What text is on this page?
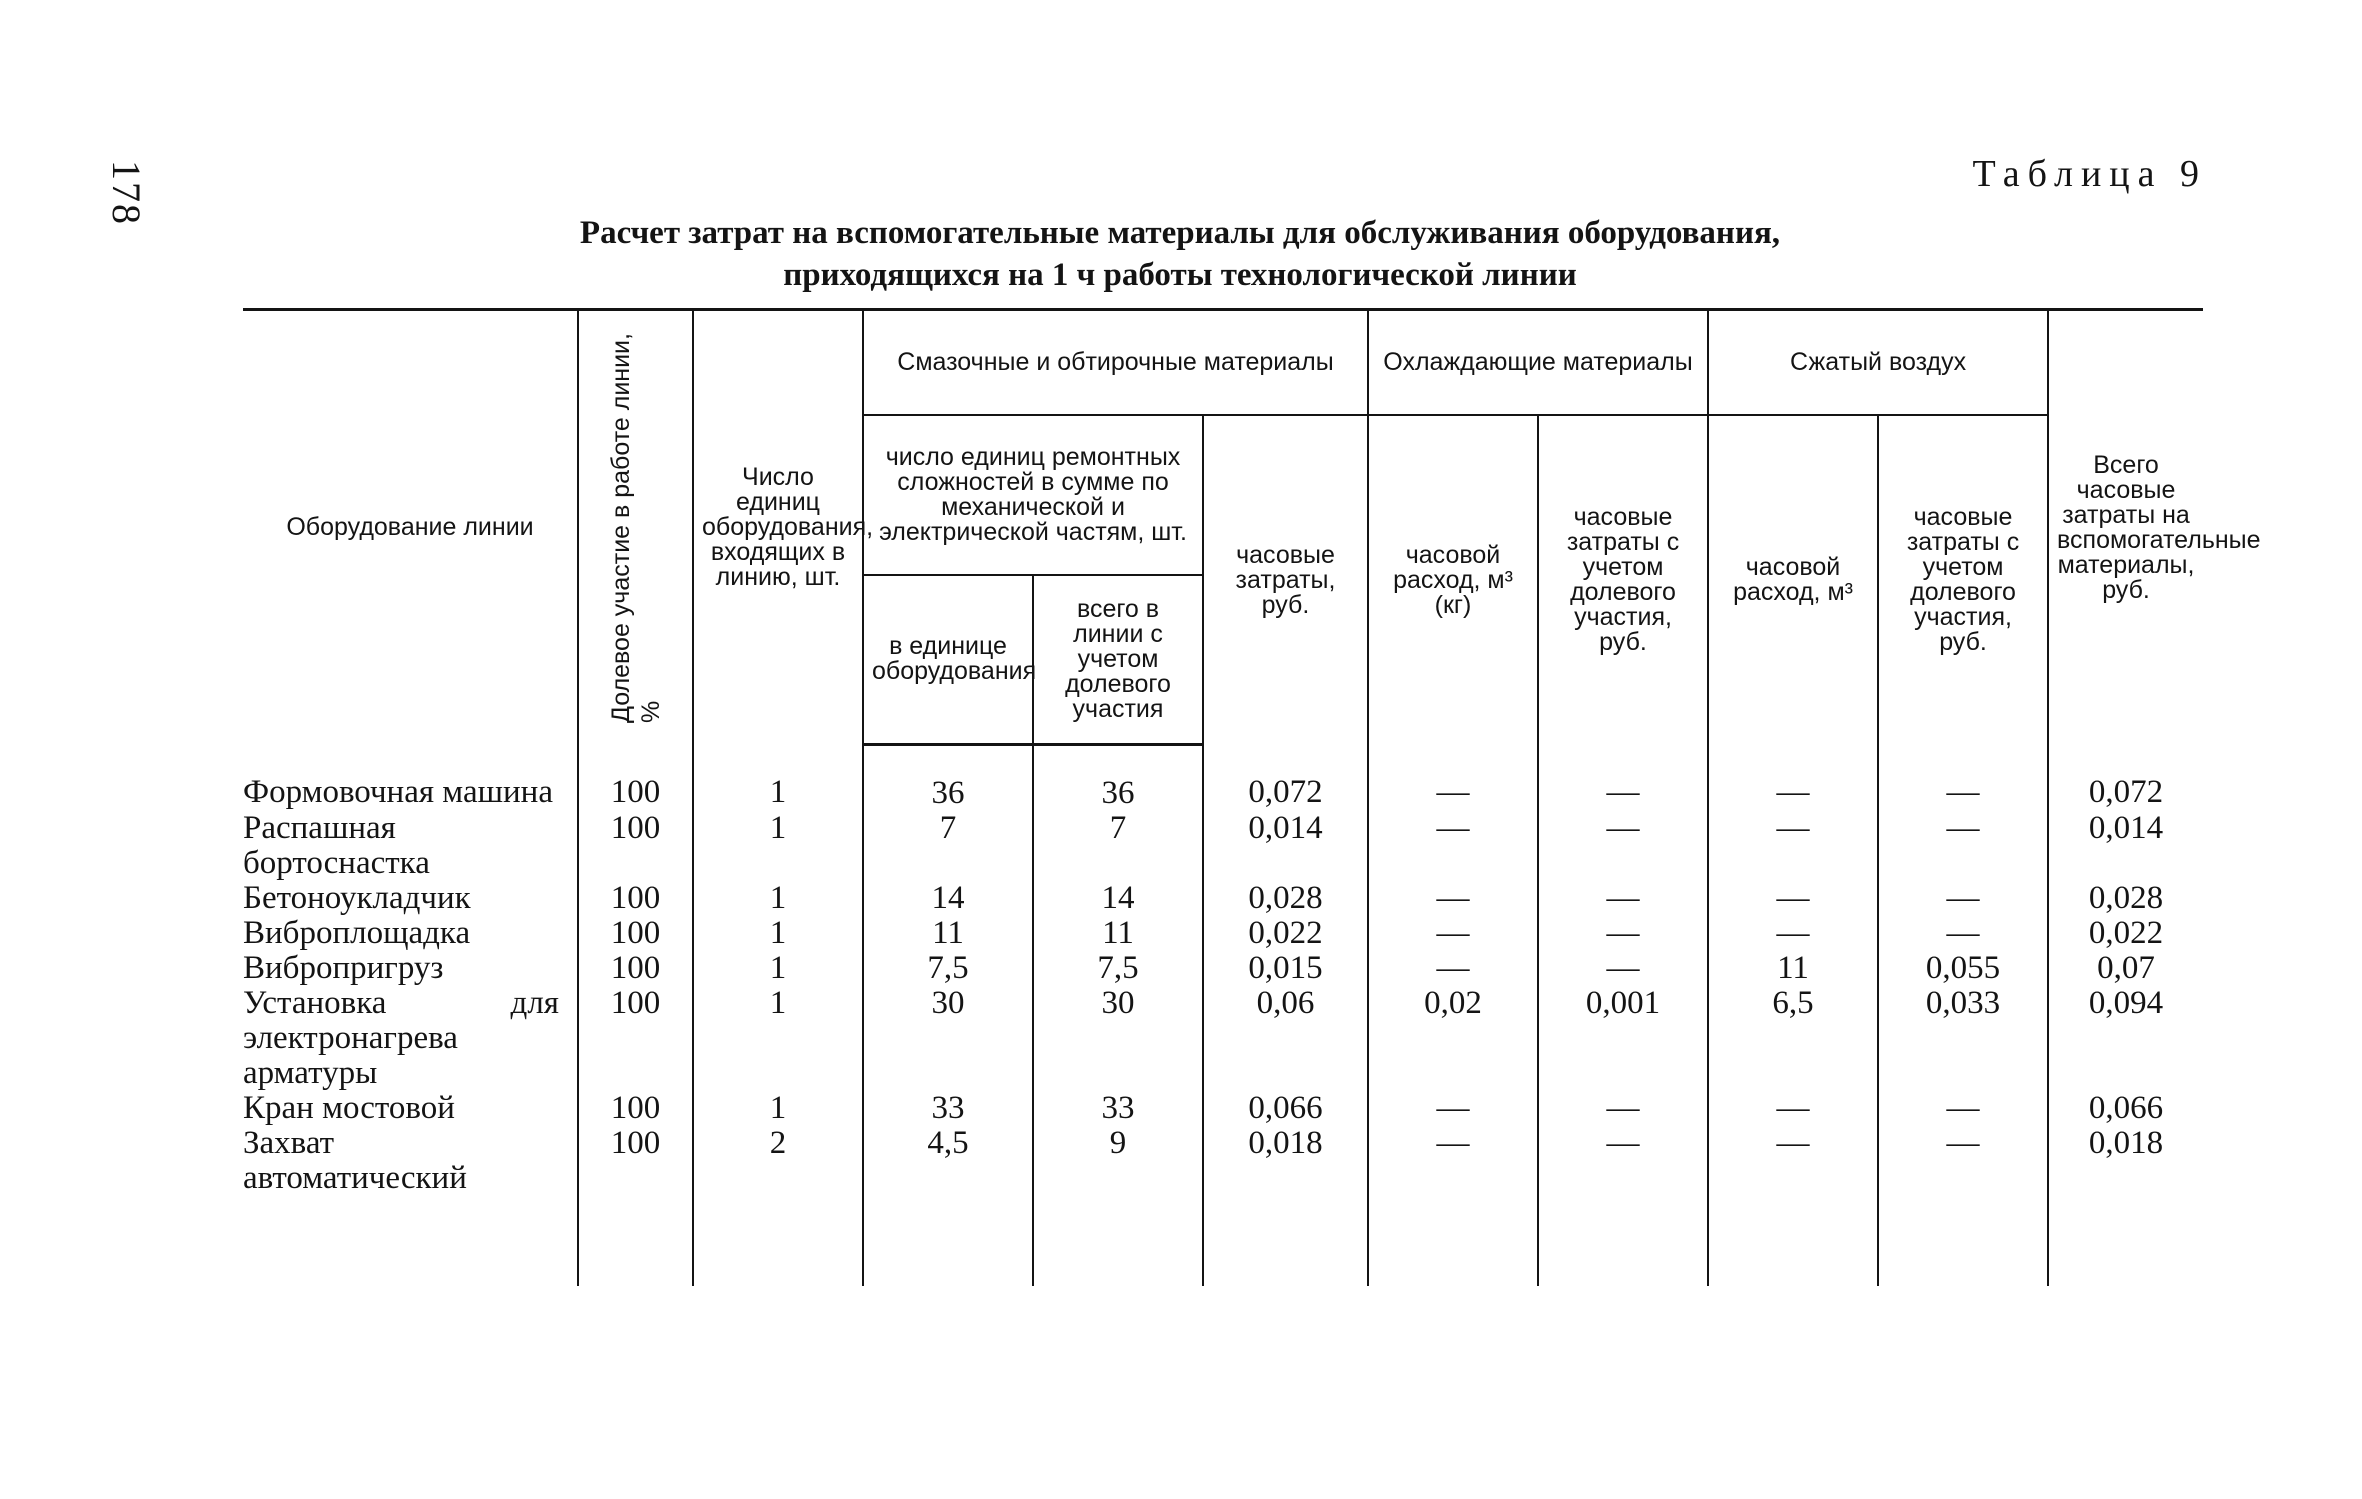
178	Таблица 9
Расчет затрат на вспомогательные материалы для обслуживания оборудования,
приходящихся на 1 ч работы технологической линии
Оборудование линии	Долевое участие в работе линии, %	Число единиц оборудования, входящих в линию, шт.	Смазочные и обтирочные материалы			Охлаждающие материалы		Сжатый воздух		Всего часовые затраты на вспомогательные материалы, руб.
			число единиц ремонтных сложностей в сумме по механической и электрической частям, шт.		часовые затраты, руб.	часовой расход, м³ (кг)	часовые затраты с учетом долевого участия, руб.	часовой расход, м³	часовые затраты с учетом долевого участия, руб.	
			в единице оборудования	всего в линии с учетом долевого участия						
Формовочная машина	100	1	36	36	0,072	—	—	—	—	0,072
Распашная бортоснастка	100	1	7	7	0,014	—	—	—	—	0,014
Бетоноукладчик	100	1	14	14	0,028	—	—	—	—	0,028
Виброплощадка	100	1	11	11	0,022	—	—	—	—	0,022
Вибропригруз	100	1	7,5	7,5	0,015	—	—	11	0,055	0,07
Установка для электронагрева арматуры	100	1	30	30	0,06	0,02	0,001	6,5	0,033	0,094
Кран мостовой	100	1	33	33	0,066	—	—	—	—	0,066
Захват автоматический	100	2	4,5	9	0,018	—	—	—	—	0,018
